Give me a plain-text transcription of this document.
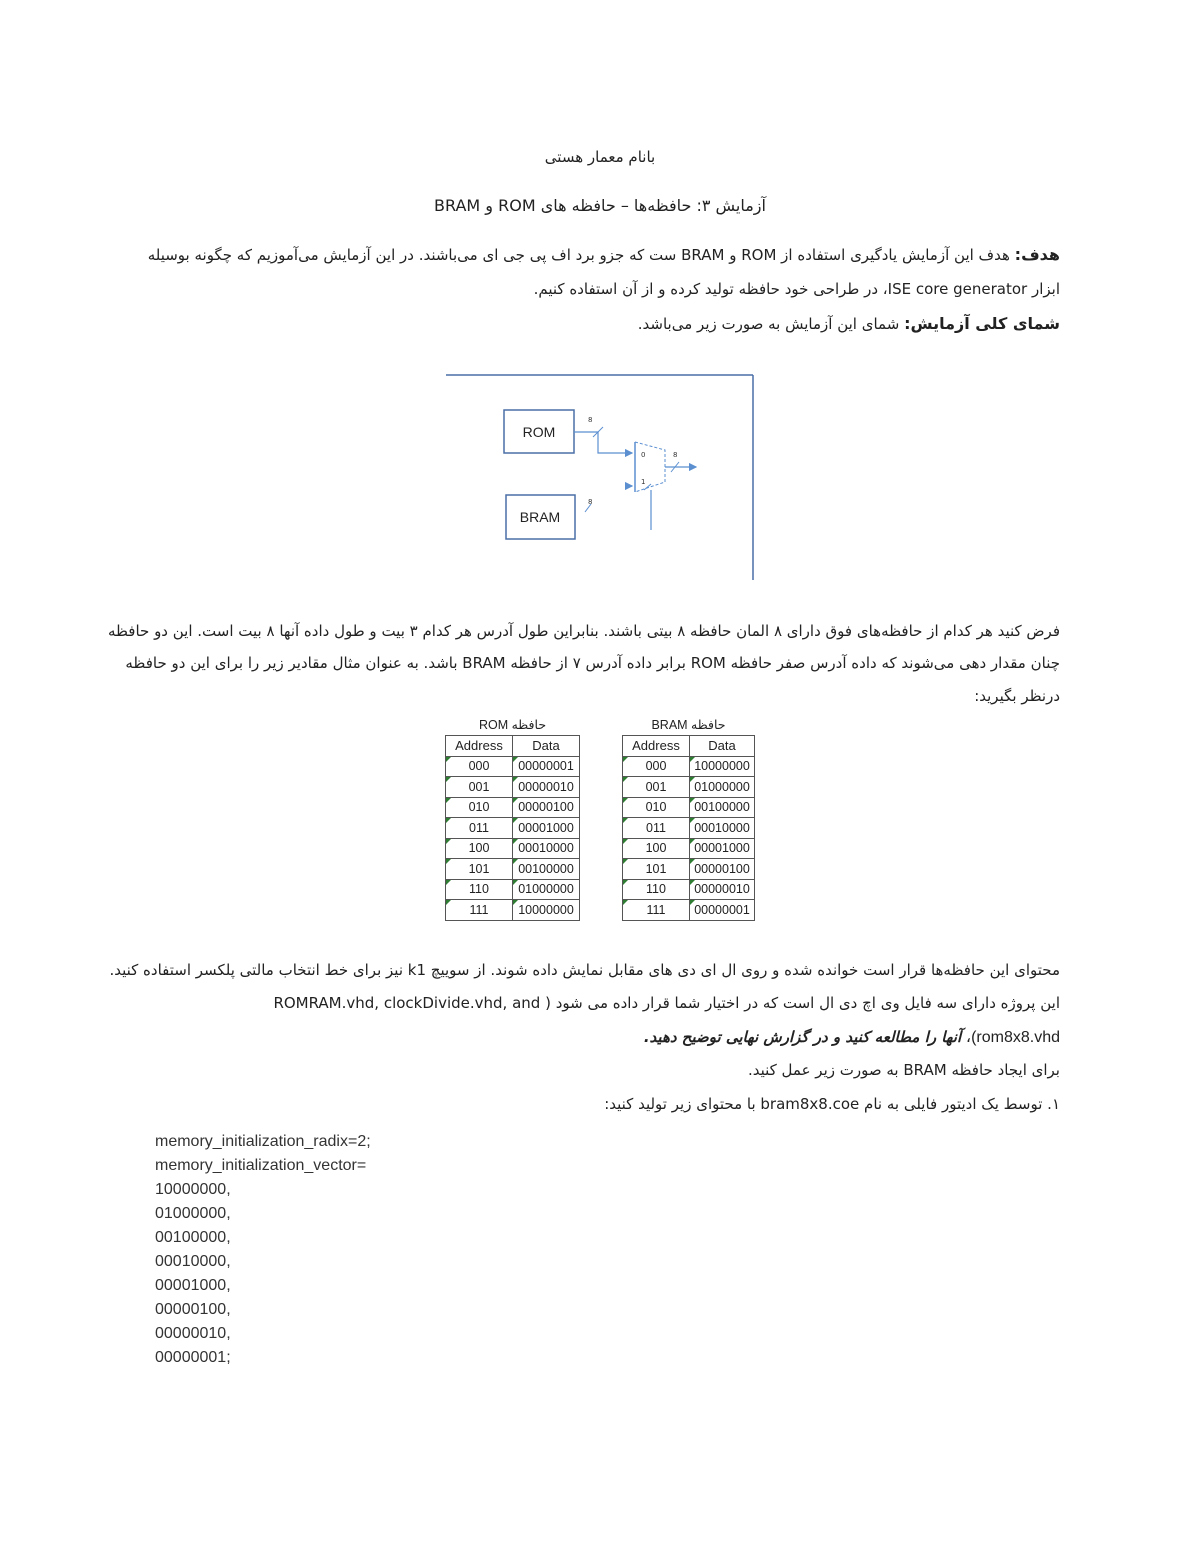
بانام معمار هستی
آزمایش ۳: حافظه‌ها – حافظه های ROM و BRAM
هدف: هدف این آزمایش یادگیری استفاده از ROM و BRAM ست که جزو برد اف پی جی ای می‌باشند. در این آزمایش می‌آموزیم که چگونه بوسیله
ابزار ISE core generator، در طراحی خود حافظه تولید کرده و از آن استفاده کنیم.
شمای کلی آزمایش: شمای این آزمایش به صورت زیر می‌باشد.
ROM
BRAM
8
8
0
1
8
فرض کنید هر کدام از حافظه‌های فوق دارای ۸ المان حافظه ۸ بیتی باشند. بنابراین طول آدرس هر کدام ۳ بیت و طول داده آنها ۸ بیت است. این دو حافظه
چنان مقدار دهی می‌شوند که داده آدرس صفر حافظه ROM برابر داده آدرس ۷ از حافظه BRAM باشد. به عنوان مثال مقادیر زیر را برای این دو حافظه
درنظر بگیرید:
حافظه ROM	
Address	Data
000	00000001
001	00000010
010	00000100
011	00001000
100	00010000
101	00100000
110	01000000
111	10000000
حافظه BRAM	
Address	Data
000	10000000
001	01000000
010	00100000
011	00010000
100	00001000
101	00000100
110	00000010
111	00000001
محتوای این حافظه‌ها قرار است خوانده شده و روی ال ای دی های مقابل نمایش داده شوند. از سوییچ k1 نیز برای خط انتخاب مالتی پلکسر استفاده کنید.
این پروژه دارای سه فایل وی اچ دی ال است که در اختیار شما قرار داده می شود ( ROMRAM.vhd, clockDivide.vhd, and
rom8x8.vhd)، آنها را مطالعه کنید و در گزارش نهایی توضیح دهید.
برای ایجاد حافظه BRAM به صورت زیر عمل کنید.
۱. توسط یک ادیتور فایلی به نام bram8x8.coe با محتوای زیر تولید کنید:
memory_initialization_radix=2;
memory_initialization_vector=
10000000,
01000000,
00100000,
00010000,
00001000,
00000100,
00000010,
00000001;
